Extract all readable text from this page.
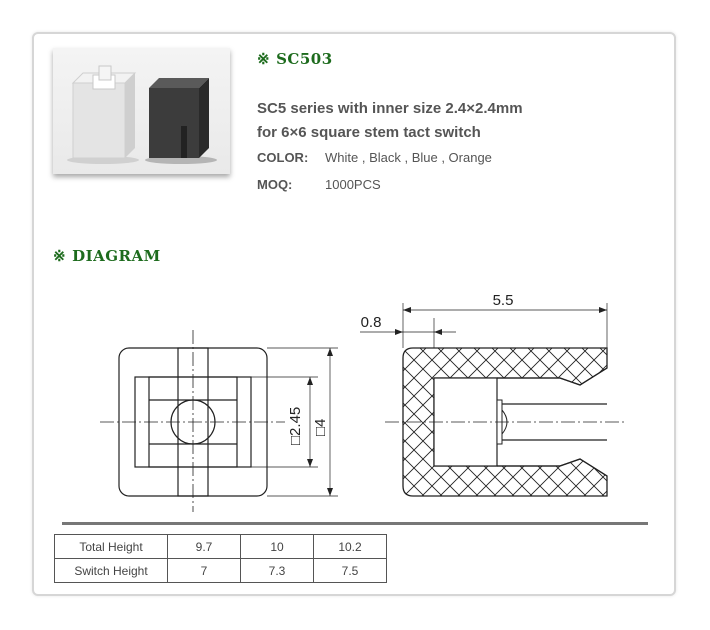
※ SC503
SC5 series with inner size 2.4×2.4mm
for 6×6 square stem tact switch
COLOR: White , Black , Blue , Orange
MOQ:	1000PCS
※ DIAGRAM
□2.45 □4
5.5
0.8
Total Height	9.7	10	10.2
Switch Height	7	7.3	7.5
